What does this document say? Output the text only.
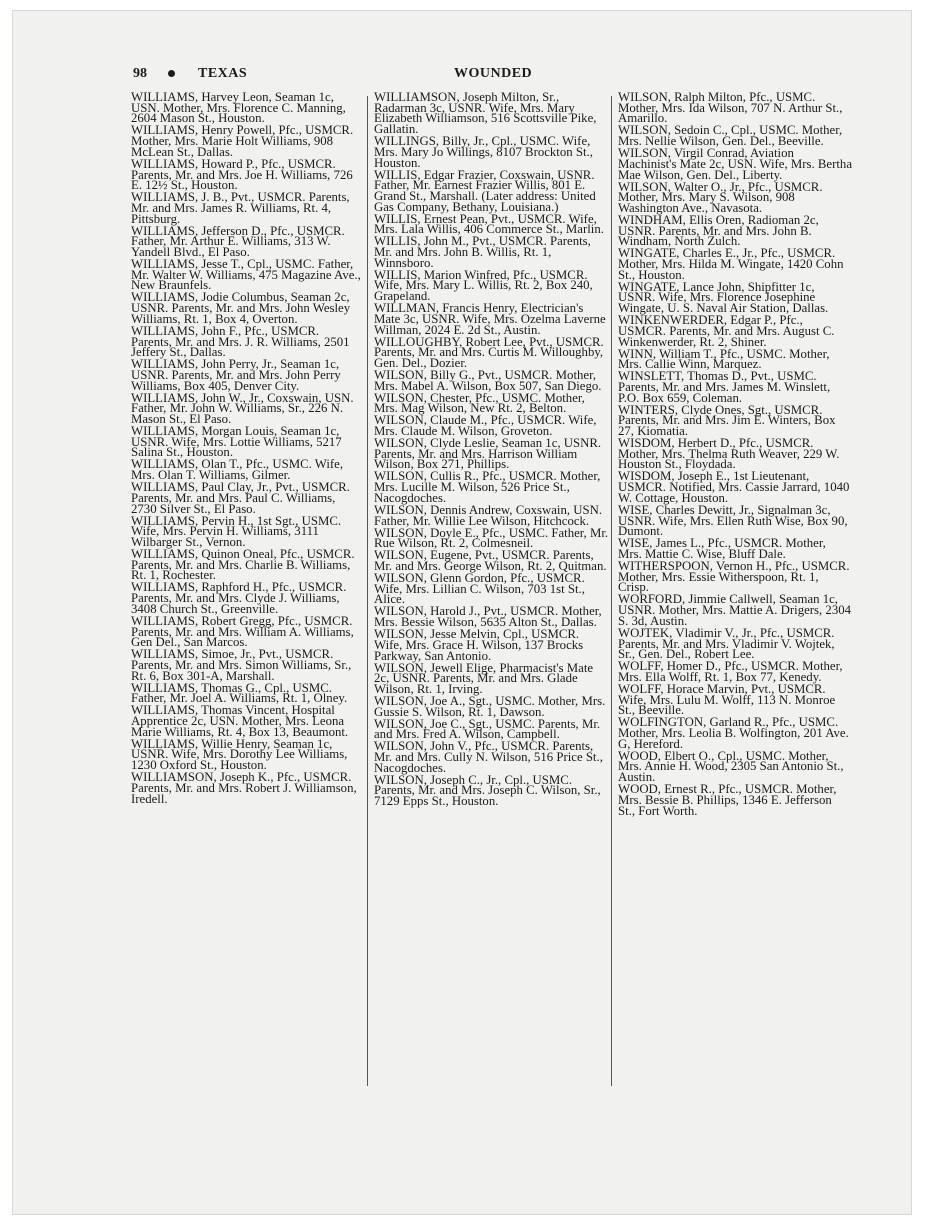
98	TEXAS	WOUNDED

WILLIAMS, Harvey Leon, Seaman 1c, USN. Mother, Mrs. Florence C. Manning, 2604 Mason St., Houston.

WILLIAMS, Henry Powell, Pfc., USMCR. Mother, Mrs. Marie Holt Williams, 908 McLean St., Dallas.

WILLIAMS, Howard P., Pfc., USMCR. Parents, Mr. and Mrs. Joe H. Williams, 726 E. 12½ St., Houston.

WILLIAMS, J. B., Pvt., USMCR. Parents, Mr. and Mrs. James R. Williams, Rt. 4, Pittsburg.

WILLIAMS, Jefferson D., Pfc., USMCR. Father, Mr. Arthur E. Williams, 313 W. Yandell Blvd., El Paso.

WILLIAMS, Jesse T., Cpl., USMC. Father, Mr. Walter W. Williams, 475 Magazine Ave., New Braunfels.

WILLIAMS, Jodie Columbus, Seaman 2c, USNR. Parents, Mr. and Mrs. John Wesley Williams, Rt. 1, Box 4, Overton.

WILLIAMS, John F., Pfc., USMCR. Parents, Mr. and Mrs. J. R. Williams, 2501 Jeffery St., Dallas.

WILLIAMS, John Perry, Jr., Seaman 1c, USNR. Parents, Mr. and Mrs. John Perry Williams, Box 405, Denver City.

WILLIAMS, John W., Jr., Coxswain, USN. Father, Mr. John W. Williams, Sr., 226 N. Mason St., El Paso.

WILLIAMS, Morgan Louis, Seaman 1c, USNR. Wife, Mrs. Lottie Williams, 5217 Salina St., Houston.

WILLIAMS, Olan T., Pfc., USMC. Wife, Mrs. Olan T. Williams, Gilmer.

WILLIAMS, Paul Clay, Jr., Pvt., USMCR. Parents, Mr. and Mrs. Paul C. Williams, 2730 Silver St., El Paso.

WILLIAMS, Pervin H., 1st Sgt., USMC. Wife, Mrs. Pervin H. Williams, 3111 Wilbarger St., Vernon.

WILLIAMS, Quinon Oneal, Pfc., USMCR. Parents, Mr. and Mrs. Charlie B. Williams, Rt. 1, Rochester.

WILLIAMS, Raphford H., Pfc., USMCR. Parents, Mr. and Mrs. Clyde J. Williams, 3408 Church St., Greenville.

WILLIAMS, Robert Gregg, Pfc., USMCR. Parents, Mr. and Mrs. William A. Williams, Gen Del., San Marcos.

WILLIAMS, Simoe, Jr., Pvt., USMCR. Parents, Mr. and Mrs. Simon Williams, Sr., Rt. 6, Box 301-A, Marshall.

WILLIAMS, Thomas G., Cpl., USMC. Father, Mr. Joel A. Williams, Rt. 1, Olney.

WILLIAMS, Thomas Vincent, Hospital Apprentice 2c, USN. Mother, Mrs. Leona Marie Williams, Rt. 4, Box 13, Beaumont.

WILLIAMS, Willie Henry, Seaman 1c, USNR. Wife, Mrs. Dorothy Lee Williams, 1230 Oxford St., Houston.

WILLIAMSON, Joseph K., Pfc., USMCR. Parents, Mr. and Mrs. Robert J. Williamson, Iredell.

WILLIAMSON, Joseph Milton, Sr., Radarman 3c, USNR. Wife, Mrs. Mary Elizabeth Williamson, 516 Scottsville Pike, Gallatin.

WILLINGS, Billy, Jr., Cpl., USMC. Wife, Mrs. Mary Jo Willings, 8107 Brockton St., Houston.

WILLIS, Edgar Frazier, Coxswain, USNR. Father, Mr. Earnest Frazier Willis, 801 E. Grand St., Marshall. (Later address: United Gas Company, Bethany, Louisiana.)

WILLIS, Ernest Pean, Pvt., USMCR. Wife, Mrs. Lala Willis, 406 Commerce St., Marlin.

WILLIS, John M., Pvt., USMCR. Parents, Mr. and Mrs. John B. Willis, Rt. 1, Winnsboro.

WILLIS, Marion Winfred, Pfc., USMCR. Wife, Mrs. Mary L. Willis, Rt. 2, Box 240, Grapeland.

WILLMAN, Francis Henry, Electrician's Mate 3c, USNR. Wife, Mrs. Ozelma Laverne Willman, 2024 E. 2d St., Austin.

WILLOUGHBY, Robert Lee, Pvt., USMCR. Parents, Mr. and Mrs. Curtis M. Willoughby, Gen. Del., Dozier.

WILSON, Billy G., Pvt., USMCR. Mother, Mrs. Mabel A. Wilson, Box 507, San Diego.

WILSON, Chester, Pfc., USMC. Mother, Mrs. Mag Wilson, New Rt. 2, Belton.

WILSON, Claude M., Pfc., USMCR. Wife, Mrs. Claude M. Wilson, Groveton.

WILSON, Clyde Leslie, Seaman 1c, USNR. Parents, Mr. and Mrs. Harrison William Wilson, Box 271, Phillips.

WILSON, Cullis R., Pfc., USMCR. Mother, Mrs. Lucille M. Wilson, 526 Price St., Nacogdoches.

WILSON, Dennis Andrew, Coxswain, USN. Father, Mr. Willie Lee Wilson, Hitchcock.

WILSON, Doyle E., Pfc., USMC. Father, Mr. Rue Wilson, Rt. 2, Colmesneil.

WILSON, Eugene, Pvt., USMCR. Parents, Mr. and Mrs. George Wilson, Rt. 2, Quitman.

WILSON, Glenn Gordon, Pfc., USMCR. Wife, Mrs. Lillian C. Wilson, 703 1st St., Alice.

WILSON, Harold J., Pvt., USMCR. Mother, Mrs. Bessie Wilson, 5635 Alton St., Dallas.

WILSON, Jesse Melvin, Cpl., USMCR. Wife, Mrs. Grace H. Wilson, 137 Brocks Parkway, San Antonio.

WILSON, Jewell Elige, Pharmacist's Mate 2c, USNR. Parents, Mr. and Mrs. Glade Wilson, Rt. 1, Irving.

WILSON, Joe A., Sgt., USMC. Mother, Mrs. Gussie S. Wilson, Rt. 1, Dawson.

WILSON, Joe C., Sgt., USMC. Parents, Mr. and Mrs. Fred A. Wilson, Campbell.

WILSON, John V., Pfc., USMCR. Parents, Mr. and Mrs. Cully N. Wilson, 516 Price St., Nacogdoches.

WILSON, Joseph C., Jr., Cpl., USMC. Parents, Mr. and Mrs. Joseph C. Wilson, Sr., 7129 Epps St., Houston.

WILSON, Ralph Milton, Pfc., USMC. Mother, Mrs. Ida Wilson, 707 N. Arthur St., Amarillo.

WILSON, Sedoin C., Cpl., USMC. Mother, Mrs. Nellie Wilson, Gen. Del., Beeville.

WILSON, Virgil Conrad, Aviation Machinist's Mate 2c, USN. Wife, Mrs. Bertha Mae Wilson, Gen. Del., Liberty.

WILSON, Walter O., Jr., Pfc., USMCR. Mother, Mrs. Mary S. Wilson, 908 Washington Ave., Navasota.

WINDHAM, Ellis Oren, Radioman 2c, USNR. Parents, Mr. and Mrs. John B. Windham, North Zulch.

WINGATE, Charles E., Jr., Pfc., USMCR. Mother, Mrs. Hilda M. Wingate, 1420 Cohn St., Houston.

WINGATE, Lance John, Shipfitter 1c, USNR. Wife, Mrs. Florence Josephine Wingate, U. S. Naval Air Station, Dallas.

WINKENWERDER, Edgar P., Pfc., USMCR. Parents, Mr. and Mrs. August C. Winkenwerder, Rt. 2, Shiner.

WINN, William T., Pfc., USMC. Mother, Mrs. Callie Winn, Marquez.

WINSLETT, Thomas D., Pvt., USMC. Parents, Mr. and Mrs. James M. Winslett, P.O. Box 659, Coleman.

WINTERS, Clyde Ones, Sgt., USMCR. Parents, Mr. and Mrs. Jim E. Winters, Box 27, Kiomatia.

WISDOM, Herbert D., Pfc., USMCR. Mother, Mrs. Thelma Ruth Weaver, 229 W. Houston St., Floydada.

WISDOM, Joseph E., 1st Lieutenant, USMCR. Notified, Mrs. Cassie Jarrard, 1040 W. Cottage, Houston.

WISE, Charles Dewitt, Jr., Signalman 3c, USNR. Wife, Mrs. Ellen Ruth Wise, Box 90, Dumont.

WISE, James L., Pfc., USMCR. Mother, Mrs. Mattie C. Wise, Bluff Dale.

WITHERSPOON, Vernon H., Pfc., USMCR. Mother, Mrs. Essie Witherspoon, Rt. 1, Crisp.

WORFORD, Jimmie Callwell, Seaman 1c, USNR. Mother, Mrs. Mattie A. Drigers, 2304 S. 3d, Austin.

WOJTEK, Vladimir V., Jr., Pfc., USMCR. Parents, Mr. and Mrs. Vladimir V. Wojtek, Sr., Gen. Del., Robert Lee.

WOLFF, Homer D., Pfc., USMCR. Mother, Mrs. Ella Wolff, Rt. 1, Box 77, Kenedy.

WOLFF, Horace Marvin, Pvt., USMCR. Wife, Mrs. Lulu M. Wolff, 113 N. Monroe St., Beeville.

WOLFINGTON, Garland R., Pfc., USMC. Mother, Mrs. Leolia B. Wolfington, 201 Ave. G, Hereford.

WOOD, Elbert O., Cpl., USMC. Mother, Mrs. Annie H. Wood, 2305 San Antonio St., Austin.

WOOD, Ernest R., Pfc., USMCR. Mother, Mrs. Bessie B. Phillips, 1346 E. Jefferson St., Fort Worth.
